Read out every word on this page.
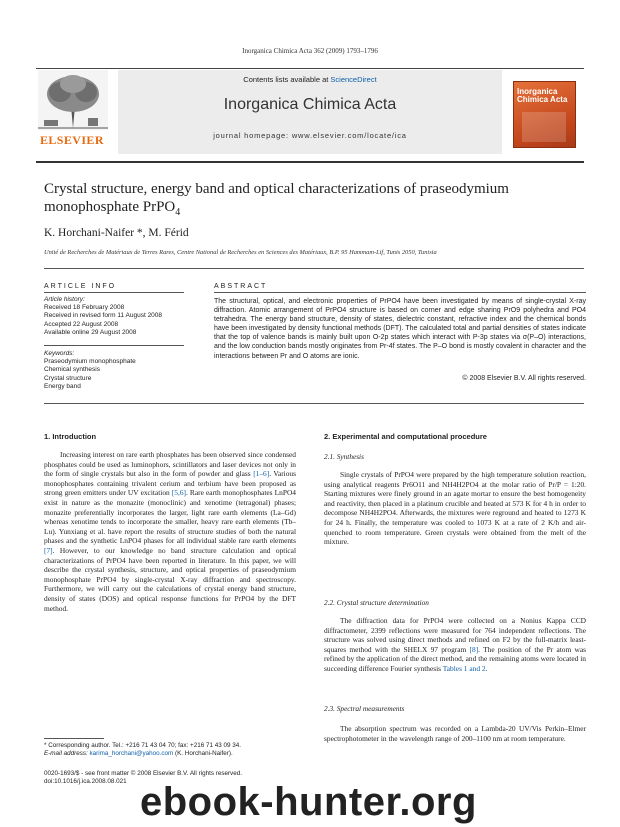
Inorganica Chimica Acta 362 (2009) 1793–1796
ELSEVIER
Contents lists available at ScienceDirect
Inorganica Chimica Acta
journal homepage: www.elsevier.com/locate/ica
Inorganica Chimica Acta
Crystal structure, energy band and optical characterizations of praseodymium
monophosphate PrPO$_4$
K. Horchani-Naifer *, M. Férid
Unité de Recherches de Matériaux de Terres Rares, Centre National de Recherches en Sciences des Matériaux, B.P. 95 Hammam-Lif, Tunis 2050, Tunisia
ARTICLE INFO
Article history:
Received 18 February 2008
Received in revised form 11 August 2008
Accepted 22 August 2008
Available online 29 August 2008
Keywords:
Praseodymium monophosphate
Chemical synthesis
Crystal structure
Energy band
ABSTRACT
The structural, optical, and electronic properties of PrPO4 have been investigated by means of single-crystal X-ray diffraction. Atomic arrangement of PrPO4 structure is based on corner and edge sharing PrO9 polyhedra and PO4 tetrahedra. The energy band structure, density of states, dielectric constant, refractive index and the chemical bonds have been investigated by density functional methods (DFT). The calculated total and partial densities of states indicate that the top of valence bands is mainly built upon O-2p states which interact with P-3p states via σ(P–O) interactions, and the low conduction bands mostly originates from Pr-4f states. The P–O bond is mostly covalent in character and the interactions between Pr and O atoms are ionic.
© 2008 Elsevier B.V. All rights reserved.
1. Introduction

Increasing interest on rare earth phosphates has been observed since condensed phosphates could be used as luminophors, scintillators and laser devices not only in the form of single crystals but also in the form of powder and glass [1–6]. Various monophosphates containing trivalent cerium and terbium have been proposed as strong green emitters under UV excitation [5,6]. Rare earth monophosphates LnPO4 exist in nature as the monazite (monoclinic) and xenotime (tetragonal) phases; monazite preferentially incorporates the larger, light rare earth elements (La–Gd) whereas xenotime tends to incorporate the smaller, heavy rare earth elements (Tb–Lu). Yunxiang et al. have report the results of structure studies of both the natural phases and the synthetic LnPO4 phases for all individual stable rare earth elements [7]. However, to our knowledge no band structure calculation and optical characterizations of PrPO4 have been reported in literature. In this paper, we will describe the crystal synthesis, structure, and optical properties of praseodymium monophosphate PrPO4 by single-crystal X-ray diffraction and spectroscopy. Furthermore, we will carry out the calculations of crystal energy band structure, density of states (DOS) and optical response functions for PrPO4 by the DFT method.

* Corresponding author. Tel.: +216 71 43 04 70; fax: +216 71 43 09 34.
E-mail address: karima_horchani@yahoo.com (K. Horchani-Naifer).
0020-1693/$ - see front matter © 2008 Elsevier B.V. All rights reserved.
doi:10.1016/j.ica.2008.08.021
2. Experimental and computational procedure
2.1. Synthesis

Single crystals of PrPO4 were prepared by the high temperature solution reaction, using analytical reagents Pr6O11 and NH4H2PO4 at the molar ratio of Pr/P = 1:20. Starting mixtures were finely ground in an agate mortar to ensure the best homogeneity and reactivity, then placed in a platinum crucible and heated at 573 K for 4 h in order to decompose NH4H2PO4. Afterwards, the mixtures were reground and heated to 1273 K for 24 h. Finally, the temperature was cooled to 1073 K at a rate of 2 K/h and air-quenched to room temperature. Green crystals were obtained from the melt of the mixture.

2.2. Crystal structure determination

The diffraction data for PrPO4 were collected on a Nonius Kappa CCD diffractometer, 2399 reflections were measured for 764 independent reflections. The structure was solved using direct methods and refined on F2 by the full-matrix least-squares method with the SHELX 97 program [8]. The position of the Pr atom was refined by the application of the direct method, and the remaining atoms were located in succeeding difference Fourier synthesis Tables 1 and 2.

2.3. Spectral measurements

The absorption spectrum was recorded on a Lambda-20 UV/Vis Perkin–Elmer spectrophotometer in the wavelength range of 200–1100 nm at room temperature.

ebook-hunter.org
